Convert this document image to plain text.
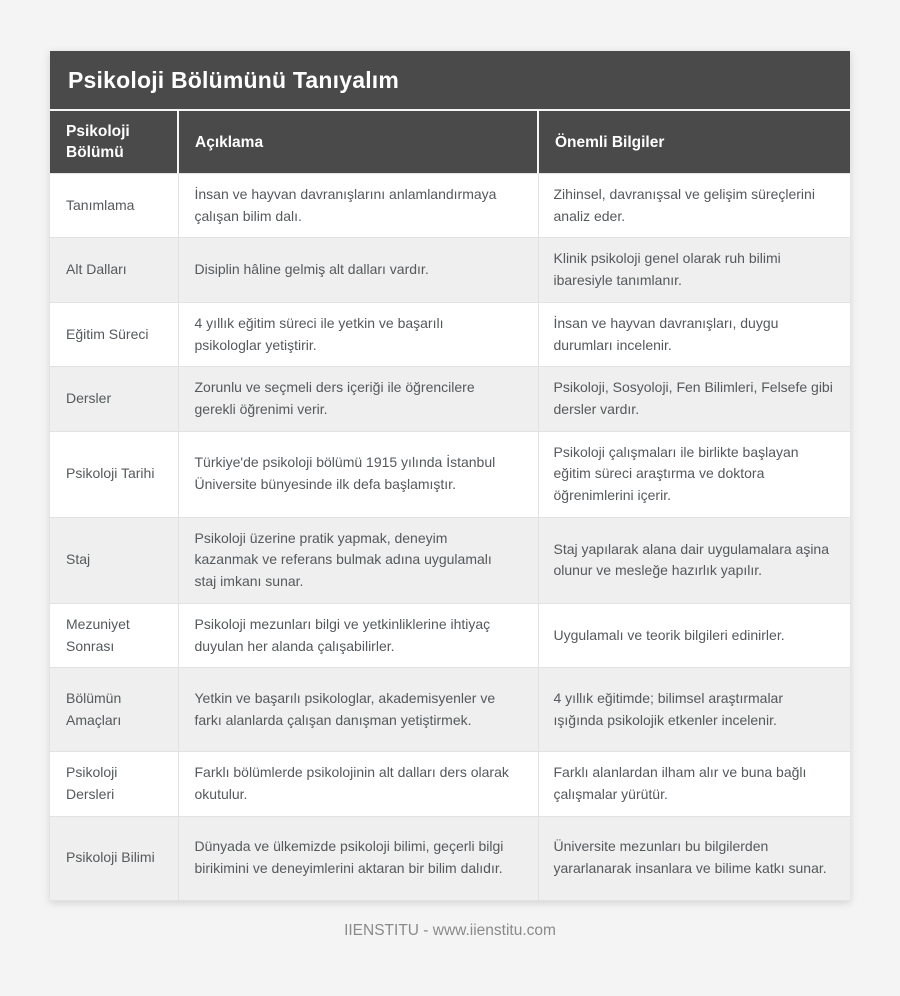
Psikoloji Bölümünü Tanıyalım
Psikoloji Bölümü	Açıklama	Önemli Bilgiler
Tanımlama	İnsan ve hayvan davranışlarını anlamlandırmaya çalışan bilim dalı.	Zihinsel, davranışsal ve gelişim süreçlerini analiz eder.
Alt Dalları	Disiplin hâline gelmiş alt dalları vardır.	Klinik psikoloji genel olarak ruh bilimi ibaresiyle tanımlanır.
Eğitim Süreci	4 yıllık eğitim süreci ile yetkin ve başarılı psikologlar yetiştirir.	İnsan ve hayvan davranışları, duygu durumları incelenir.
Dersler	Zorunlu ve seçmeli ders içeriği ile öğrencilere gerekli öğrenimi verir.	Psikoloji, Sosyoloji, Fen Bilimleri, Felsefe gibi dersler vardır.
Psikoloji Tarihi	Türkiye'de psikoloji bölümü 1915 yılında İstanbul Üniversite bünyesinde ilk defa başlamıştır.	Psikoloji çalışmaları ile birlikte başlayan eğitim süreci araştırma ve doktora öğrenimlerini içerir.
Staj	Psikoloji üzerine pratik yapmak, deneyim kazanmak ve referans bulmak adına uygulamalı staj imkanı sunar.	Staj yapılarak alana dair uygulamalara aşina olunur ve mesleğe hazırlık yapılır.
Mezuniyet Sonrası	Psikoloji mezunları bilgi ve yetkinliklerine ihtiyaç duyulan her alanda çalışabilirler.	Uygulamalı ve teorik bilgileri edinirler.
Bölümün Amaçları	Yetkin ve başarılı psikologlar, akademisyenler ve farkı alanlarda çalışan danışman yetiştirmek.	4 yıllık eğitimde; bilimsel araştırmalar ışığında psikolojik etkenler incelenir.
Psikoloji Dersleri	Farklı bölümlerde psikolojinin alt dalları ders olarak okutulur.	Farklı alanlardan ilham alır ve buna bağlı çalışmalar yürütür.
Psikoloji Bilimi	Dünyada ve ülkemizde psikoloji bilimi, geçerli bilgi birikimini ve deneyimlerini aktaran bir bilim dalıdır.	Üniversite mezunları bu bilgilerden yararlanarak insanlara ve bilime katkı sunar.
IIENSTITU - www.iienstitu.com
